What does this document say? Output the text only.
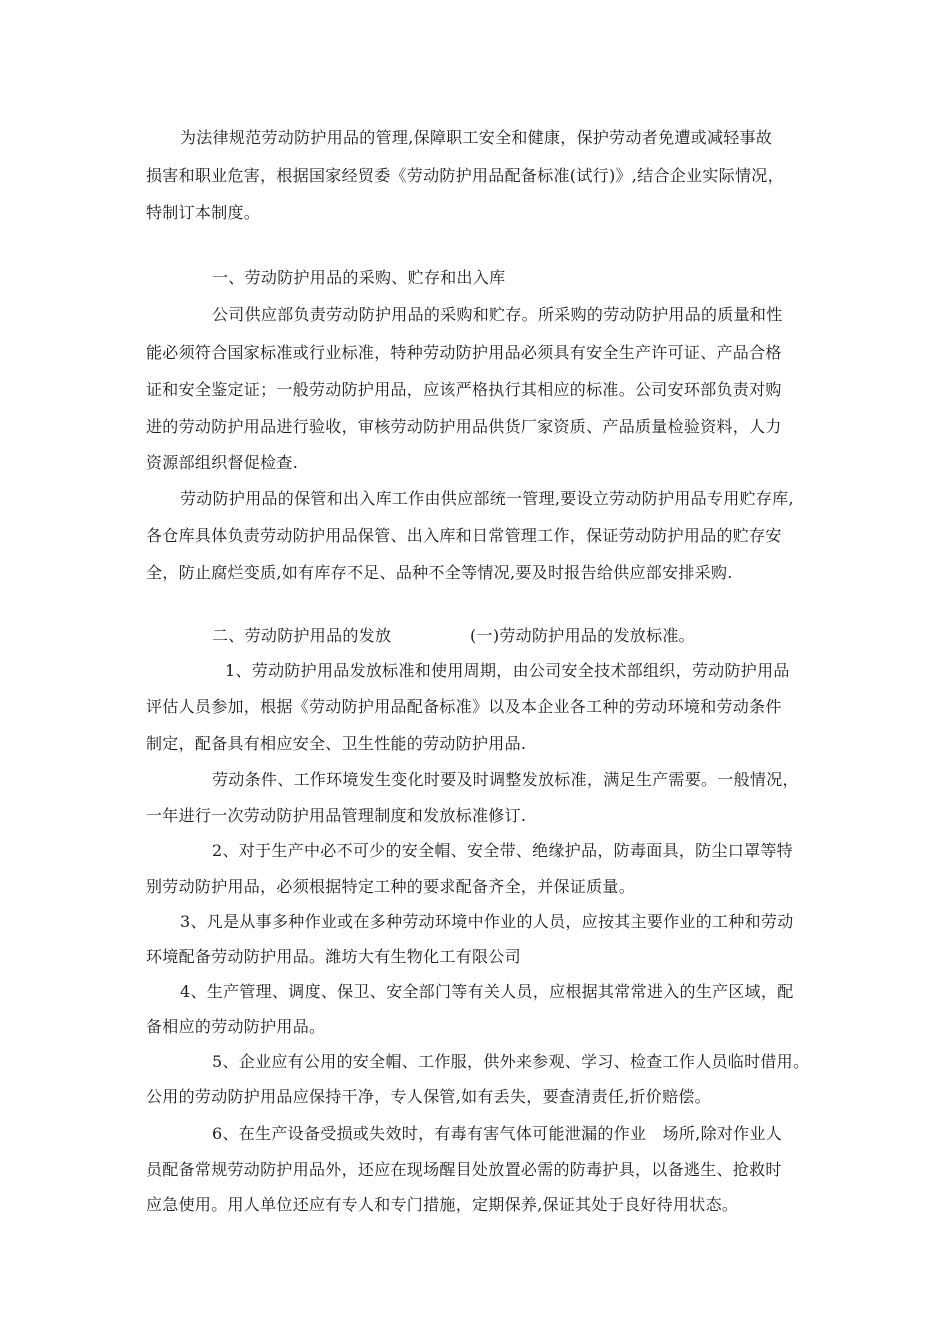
为法律规范劳动防护用品的管理,保障职工安全和健康，保护劳动者免遭或减轻事故
损害和职业危害，根据国家经贸委《劳动防护用品配备标准(试行)》,结合企业实际情况，
特制订本制度。
一、劳动防护用品的采购、贮存和出入库
公司供应部负责劳动防护用品的采购和贮存。所采购的劳动防护用品的质量和性
能必须符合国家标准或行业标准，特种劳动防护用品必须具有安全生产许可证、产品合格
证和安全鉴定证；一般劳动防护用品，应该严格执行其相应的标准。公司安环部负责对购
进的劳动防护用品进行验收，审核劳动防护用品供货厂家资质、产品质量检验资料，人力
资源部组织督促检查.
劳动防护用品的保管和出入库工作由供应部统一管理,要设立劳动防护用品专用贮存库,
各仓库具体负责劳动防护用品保管、出入库和日常管理工作，保证劳动防护用品的贮存安
全，防止腐烂变质,如有库存不足、品种不全等情况,要及时报告给供应部安排采购.
二、劳动防护用品的发放	(一)劳动防护用品的发放标准。
1、劳动防护用品发放标准和使用周期，由公司安全技术部组织，劳动防护用品
评估人员参加，根据《劳动防护用品配备标准》以及本企业各工种的劳动环境和劳动条件
制定，配备具有相应安全、卫生性能的劳动防护用品.
劳动条件、工作环境发生变化时要及时调整发放标准，满足生产需要。一般情况，
一年进行一次劳动防护用品管理制度和发放标准修订.
2、对于生产中必不可少的安全帽、安全带、绝缘护品，防毒面具，防尘口罩等特
别劳动防护用品，必须根据特定工种的要求配备齐全，并保证质量。
3、凡是从事多种作业或在多种劳动环境中作业的人员，应按其主要作业的工种和劳动
环境配备劳动防护用品。潍坊大有生物化工有限公司
4、生产管理、调度、保卫、安全部门等有关人员，应根据其常常进入的生产区域，配
备相应的劳动防护用品。
5、企业应有公用的安全帽、工作服，供外来参观、学习、检查工作人员临时借用。
公用的劳动防护用品应保持干净，专人保管,如有丢失，要查清责任,折价赔偿。
6、在生产设备受损或失效时，有毒有害气体可能泄漏的作业　场所,除对作业人
员配备常规劳动防护用品外，还应在现场醒目处放置必需的防毒护具，以备逃生、抢救时
应急使用。用人单位还应有专人和专门措施，定期保养,保证其处于良好待用状态。
